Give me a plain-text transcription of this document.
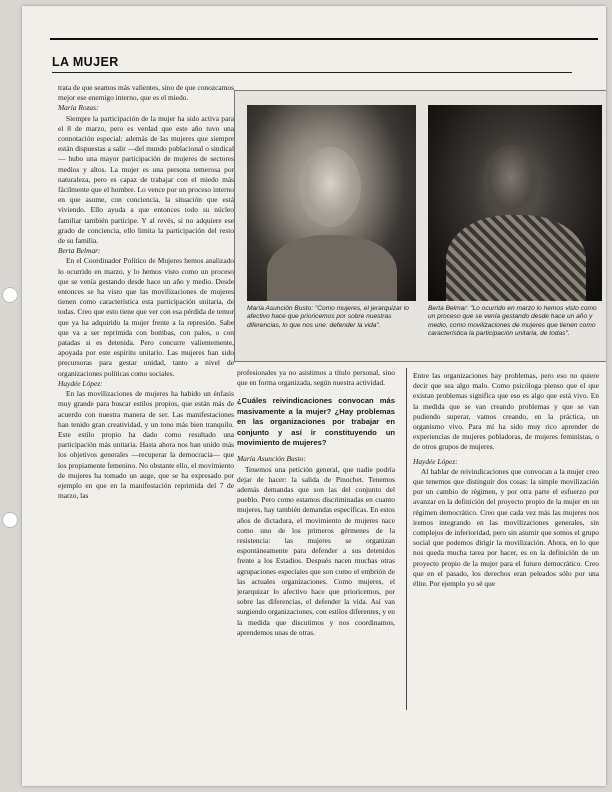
LA MUJER

trata de que seamos más valientes, sino de que conozcamos mejor ese enemigo interno, que es el miedo.

María Rozas:

Siempre la participación de la mujer ha sido activa para el 8 de marzo, pero es verdad que este año tuvo una connotación especial: además de las mujeres que siempre están dispuestas a salir —del mundo poblacional o sindical— hubo una mayor participación de mujeres de sectores medios y altos. La mujer es una persona temerosa por naturaleza, pero es capaz de trabajar con el miedo más fácilmente que el hombre. Lo vence por un proceso interno en que asume, con conciencia, la situación que está viviendo. Ello ayuda a que entonces todo su núcleo familiar también participe. Y al revés, si no adquiere ese grado de conciencia, ello limita la participación del resto de su familia.

Berta Belmar:

En el Coordinador Político de Mujeres hemos analizado lo ocurrido en marzo, y lo hemos visto como un proceso que se venía gestando desde hace un año y medio. Desde entonces se ha visto que las movilizaciones de mujeres tienen como característica esta participación unitaria, de todas. Creo que esto tiene que ver con esa pérdida de temor que ya ha adquirido la mujer frente a la represión. Sabe que va a ser reprimida con bombas, con palos, o con patadas si es detenida. Pero concurre valientemente, apoyada por este espíritu unitario. Las mujeres han sido precursoras para gestar unidad, tanto a nivel de organizaciones políticas como sociales.

Haydée López:

En las movilizaciones de mujeres ha habido un énfasis muy grande para buscar estilos propios, que están más de acuerdo con nuestra manera de ser. Las manifestaciones han tenido gran creatividad, y un tono más bien tranquilo. Este estilo propio ha dado como resultado una participación más unitaria. Hasta ahora nos han unido más los objetivos generales —recuperar la democracia— que los propiamente femenino. No obstante ello, el movimiento de mujeres ha tomado un auge, que se ha expresado por ejemplo en que en la manifestación reprimida del 7 de marzo, las

María Asunción Busto: "Como mujeres, el jerarquizar lo afectivo hace que prioricemos por sobre nuestras diferencias, lo que nos une: defender la vida".
Berta Belmar: "Lo ocurrido en marzo lo hemos visto como un proceso que se venía gestando desde hace un año y medio, como movilizaciones de mujeres que tienen como característica la participación unitaria, de todas".

profesionales ya no asistimos a título personal, sino que en forma organizada, según nuestra actividad.

¿Cuáles reivindicaciones convocan más masivamente a la mujer? ¿Hay problemas en las organizaciones por trabajar en conjunto y así ir constituyendo un movimiento de mujeres?

María Asunción Busto:

Tenemos una petición general, que nadie podría dejar de hacer: la salida de Pinochet. Tenemos además demandas que son las del conjunto del pueblo. Pero como estamos discriminadas en cuanto mujeres, hay también demandas específicas. En estos años de dictadura, el movimiento de mujeres nace como uno de los primeros gérmenes de la resistencia: las mujeres se organizan espontáneamente para defender a sus detenidos frente a los Estadios. Después nacen muchas otras agrupaciones especiales que son como el embrión de las actuales organizaciones. Como mujeres, el jerarquizar lo afectivo hace que prioricemos, por sobre las diferencias, el defender la vida. Así van surgiendo organizaciones, con estilos diferentes, y en la medida que discutimos y nos coordinamos, aprendemos unas de otras.

Entre las organizaciones hay problemas, pero eso no quiere decir que sea algo malo. Como psicóloga pienso que el que existan problemas significa que eso es algo que está vivo. En la medida que se van creando problemas y que se van pudiendo superar, vamos creando, en la práctica, un organismo vivo. Para mí ha sido muy rico aprender de experiencias de mujeres pobladoras, de mujeres feministas, o de otros grupos de mujeres.

Haydée López:

Al hablar de reivindicaciones que convocan a la mujer creo que tenemos que distinguir dos cosas: la simple movilización por un cambio de régimen, y por otra parte el esfuerzo por avanzar en la definición del proyecto propio de la mujer en un régimen democrático. Creo que cada vez más las mujeres nos iremos integrando en las movilizaciones generales, sin complejos de inferioridad, pero sin asumir que somos el grupo social que podemos dirigir la movilización. Ahora, en lo que nos queda mucha tarea por hacer, es en la definición de un proyecto propio de la mujer para el futuro democrático. Creo que en el pasado, los derechos eran peleados sólo por una élite. Por ejemplo yo sé que
